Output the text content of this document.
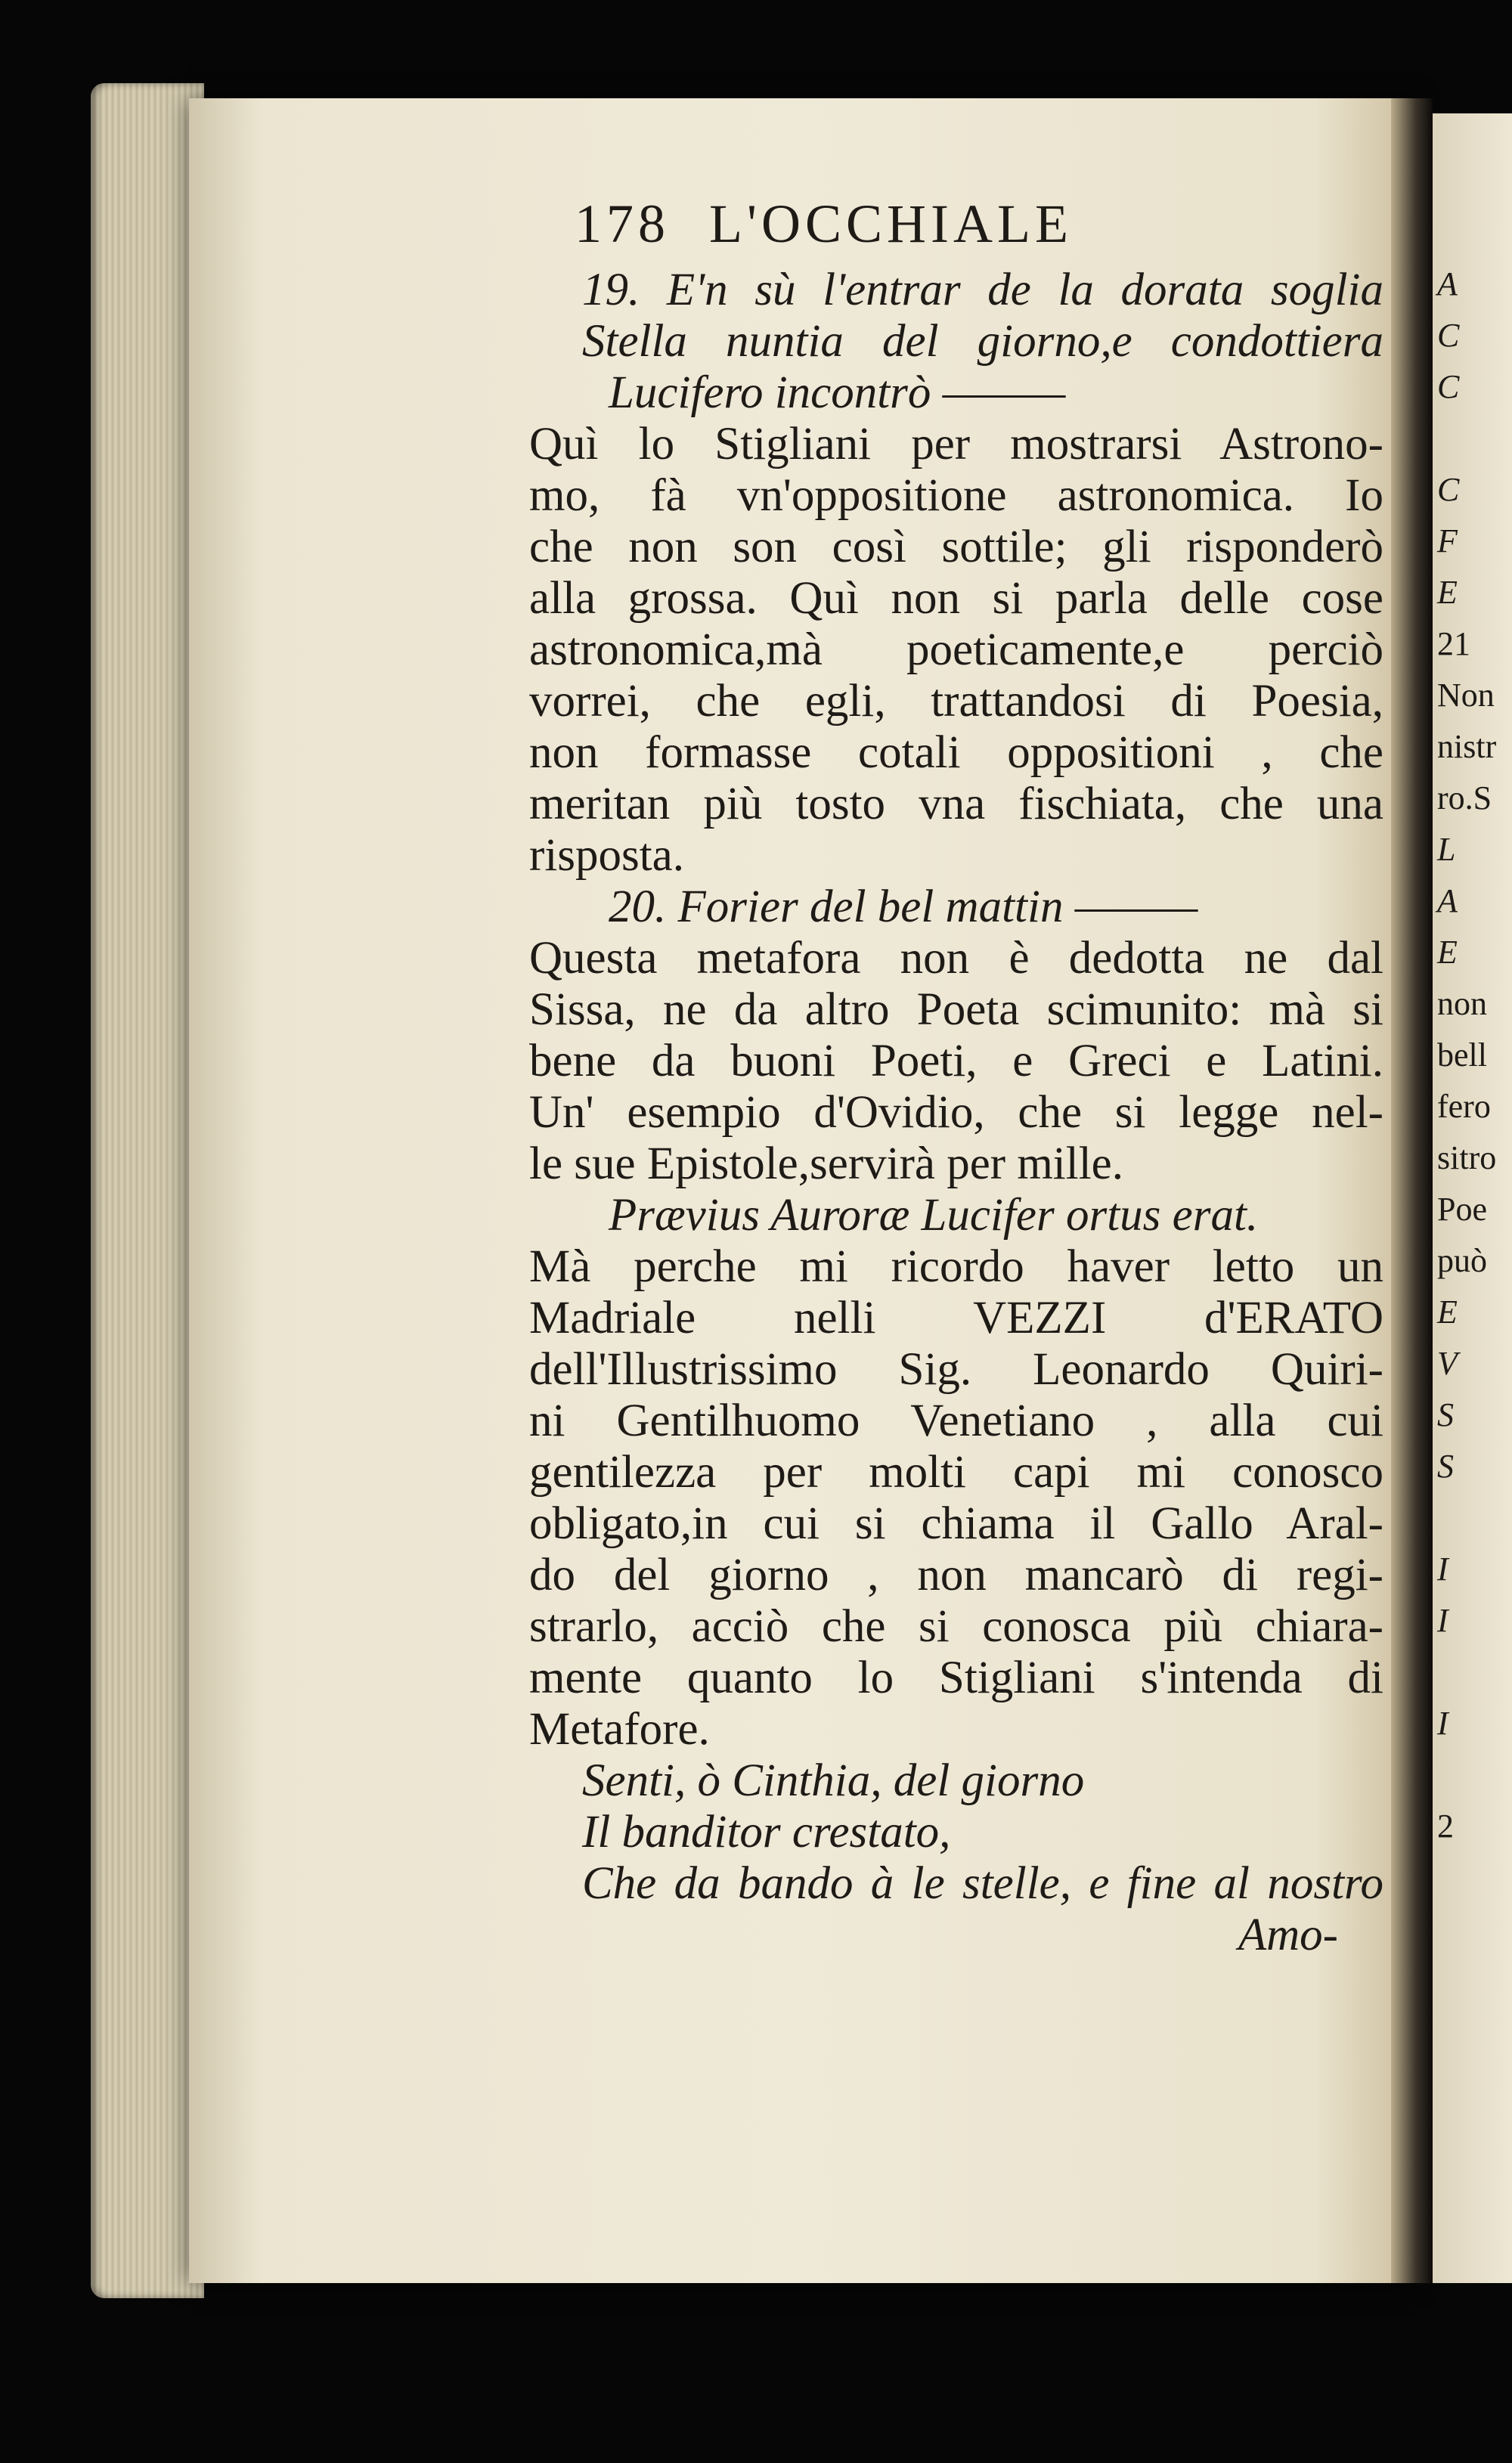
A
C
C
C
F
E
21
Non
nistr
ro.S
L
A
E
non
bell
fero
sitro
Poe
può
E
V
S
S
I
I
I
2
178 L'OCCHIALE
19. E'n sù l'entrar de la dorata soglia
Stella nuntia del giorno,e condottiera
Lucifero incontrò ———
Quì lo Stigliani per mostrarsi Astrono-
mo, fà vn'oppositione astronomica. Io
che non son così sottile; gli risponderò
alla grossa. Quì non si parla delle cose
astronomica,mà poeticamente,e perciò
vorrei, che egli, trattandosi di Poesia,
non formasse cotali oppositioni , che
meritan più tosto vna fischiata, che una
risposta.
20. Forier del bel mattin ———
Questa metafora non è dedotta ne dal
Sissa, ne da altro Poeta scimunito: mà si
bene da buoni Poeti, e Greci e Latini.
Un' esempio d'Ovidio, che si legge nel-
le sue Epistole,servirà per mille.
Prævius Auroræ Lucifer ortus erat.
Mà perche mi ricordo haver letto un
Madriale nelli VEZZI d'ERATO
dell'Illustrissimo Sig. Leonardo Quiri-
ni Gentilhuomo Venetiano , alla cui
gentilezza per molti capi mi conosco
obligato,in cui si chiama il Gallo Aral-
do del giorno , non mancarò di regi-
strarlo, acciò che si conosca più chiara-
mente quanto lo Stigliani s'intenda di
Metafore.
Senti, ò Cinthia, del giorno
Il banditor crestato,
Che da bando à le stelle, e fine al nostro
Amo-
